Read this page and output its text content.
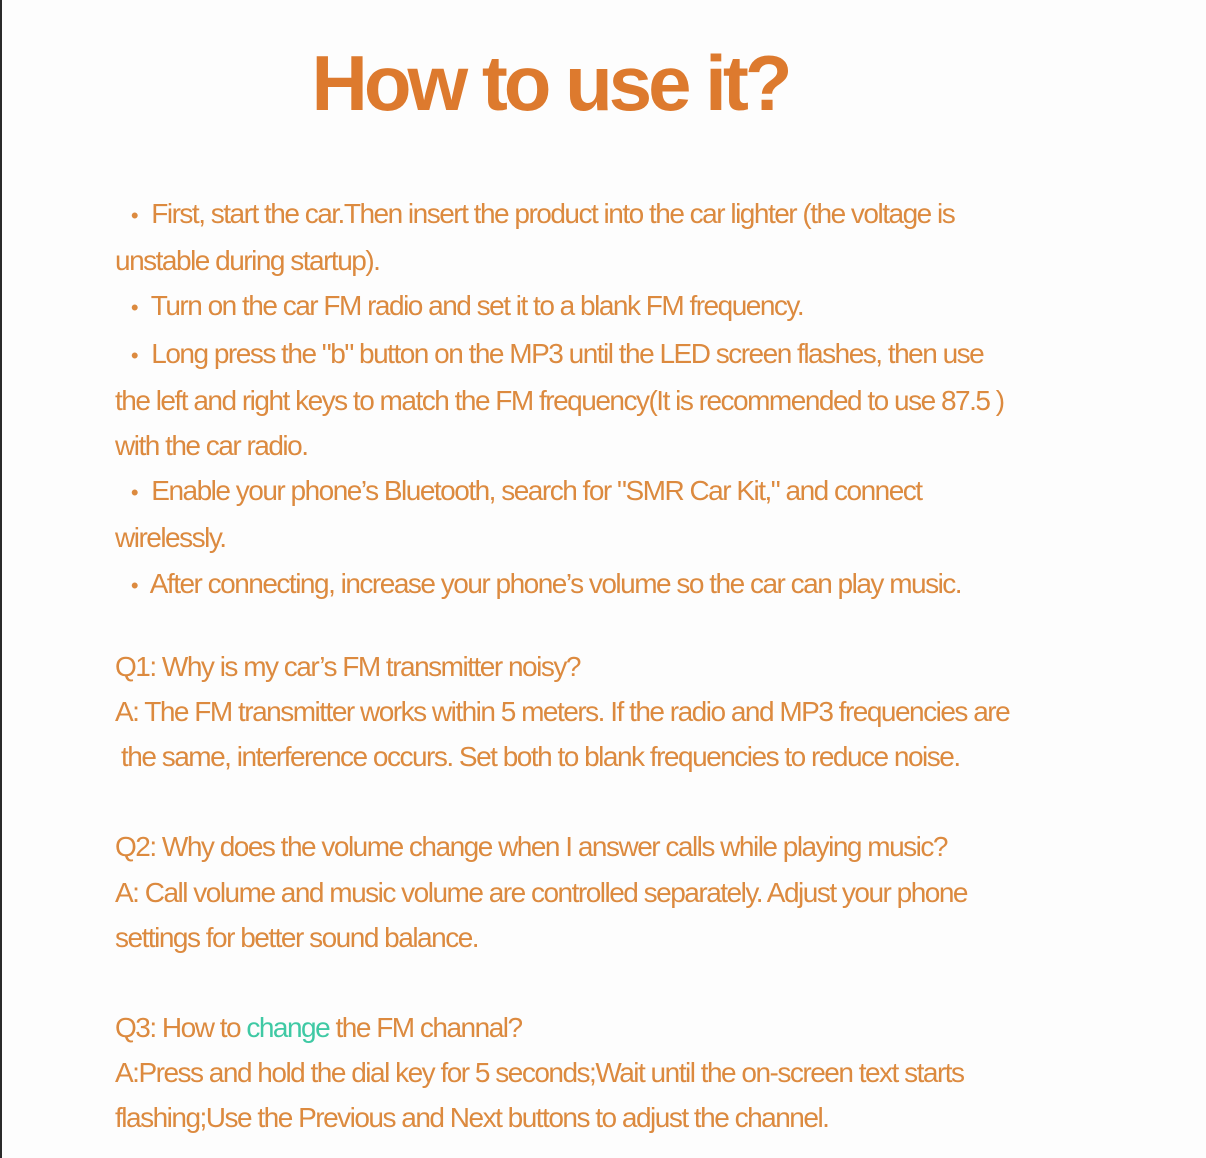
How to use it?
• First, start the car.Then insert the product into the car lighter (the voltage is
unstable during startup).
• Turn on the car FM radio and set it to a blank FM frequency.
• Long press the "b" button on the MP3 until the LED screen flashes, then use
the left and right keys to match the FM frequency(It is recommended to use 87.5 )
with the car radio.
• Enable your phone’s Bluetooth, search for "SMR Car Kit," and connect
wirelessly.
• After connecting, increase your phone’s volume so the car can play music.
Q1: Why is my car’s FM transmitter noisy?
A: The FM transmitter works within 5 meters. If the radio and MP3 frequencies are
the same, interference occurs. Set both to blank frequencies to reduce noise.
Q2: Why does the volume change when I answer calls while playing music?
A: Call volume and music volume are controlled separately. Adjust your phone
settings for better sound balance.
Q3: How to change the FM channal?
A:Press and hold the dial key for 5 seconds;Wait until the on-screen text starts
flashing;Use the Previous and Next buttons to adjust the channel.
